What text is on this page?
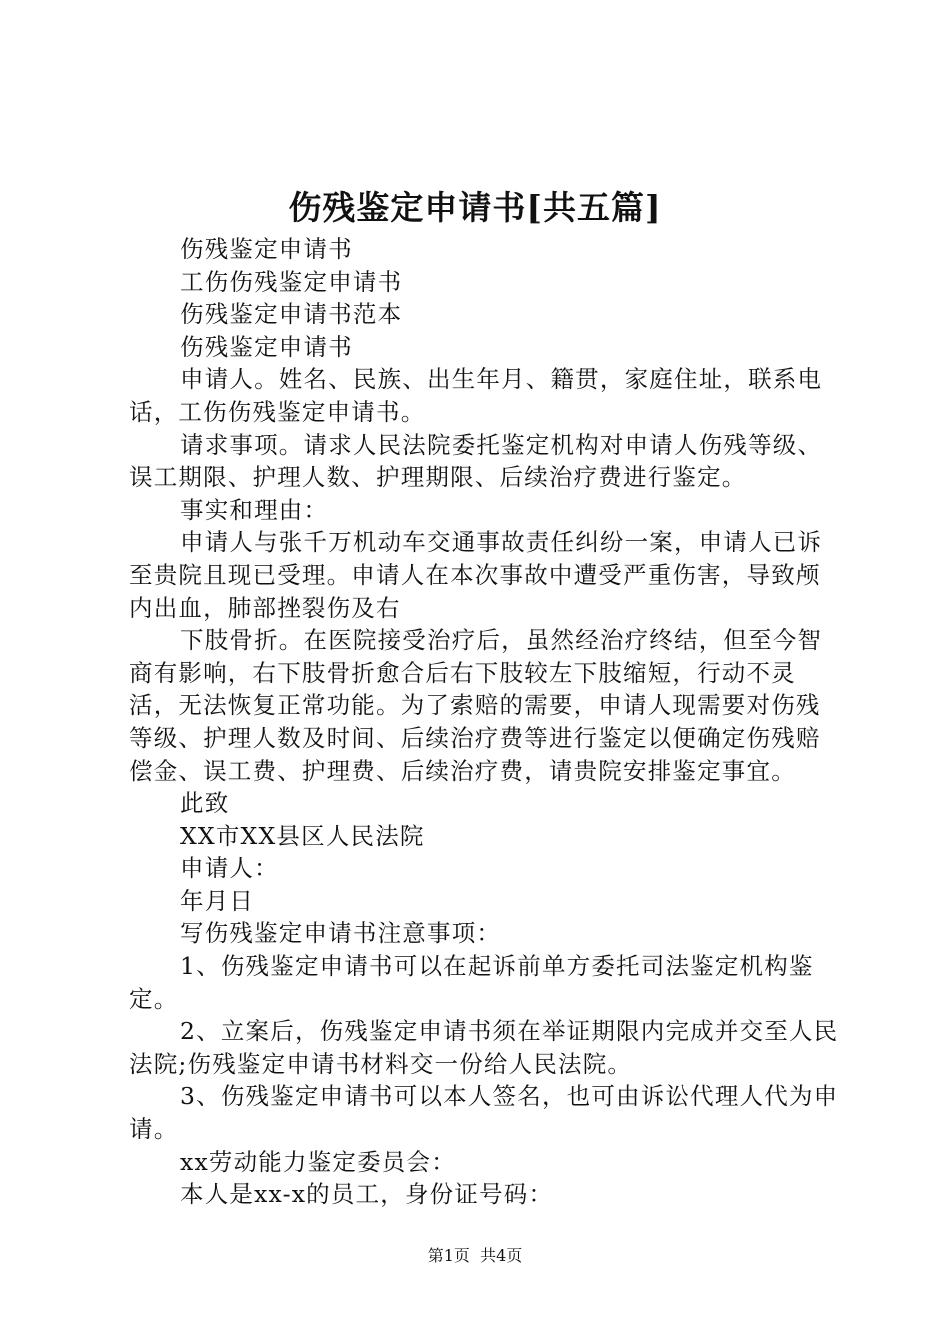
伤残鉴定申请书[共五篇]

伤残鉴定申请书

工伤伤残鉴定申请书

伤残鉴定申请书范本

伤残鉴定申请书

申请人。姓名、民族、出生年月、籍贯，家庭住址，联系电话，工伤伤残鉴定申请书。

请求事项。请求人民法院委托鉴定机构对申请人伤残等级、误工期限、护理人数、护理期限、后续治疗费进行鉴定。

事实和理由：

申请人与张千万机动车交通事故责任纠纷一案，申请人已诉至贵院且现已受理。申请人在本次事故中遭受严重伤害，导致颅内出血，肺部挫裂伤及右

下肢骨折。在医院接受治疗后，虽然经治疗终结，但至今智商有影响，右下肢骨折愈合后右下肢较左下肢缩短，行动不灵活，无法恢复正常功能。为了索赔的需要，申请人现需要对伤残等级、护理人数及时间、后续治疗费等进行鉴定以便确定伤残赔偿金、误工费、护理费、后续治疗费，请贵院安排鉴定事宜。

此致

XX市XX县区人民法院

申请人：

年月日

写伤残鉴定申请书注意事项：

1、伤残鉴定申请书可以在起诉前单方委托司法鉴定机构鉴定。

2、立案后，伤残鉴定申请书须在举证期限内完成并交至人民法院;伤残鉴定申请书材料交一份给人民法院。

3、伤残鉴定申请书可以本人签名，也可由诉讼代理人代为申请。

xx劳动能力鉴定委员会：

本人是xx-x的员工，身份证号码：

第1页  共4页
